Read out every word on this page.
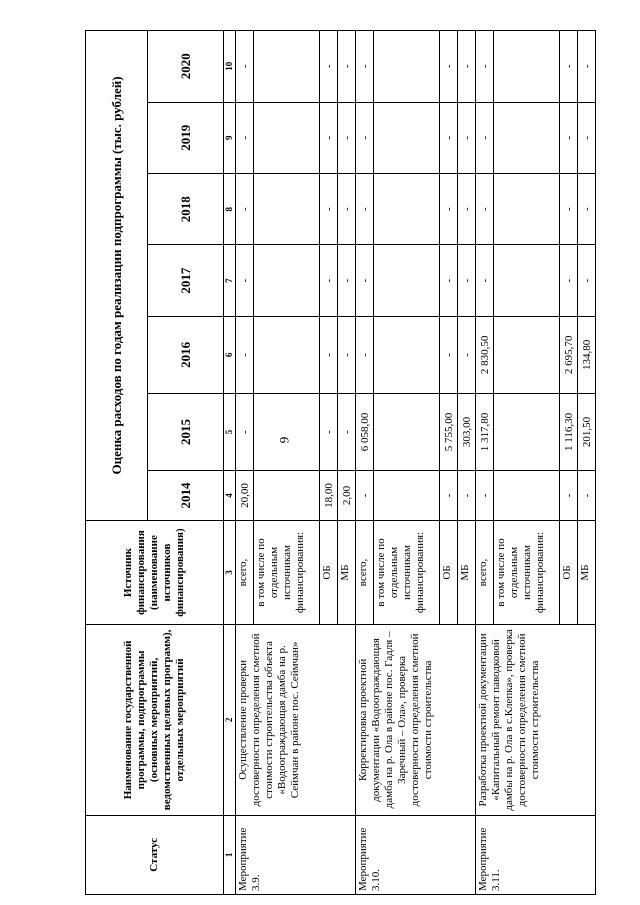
9
Статус	Наименование государственной программы, подпрограммы (основных мероприятий, ведомственных целевых программ), отдельных мероприятий	Источник финансирования (наименование источников финансирования)	Оценка расходов по годам реализации подпрограммы (тыс. рублей)						
			2014	2015	2016	2017	2018	2019	2020
1	2	3	4	5	6	7	8	9	10
Мероприятие 3.9.	Осуществление проверки достоверности определения сметной стоимости строительства объекта «Водоограждающая дамба на р. Сеймчан в районе пос. Сеймчан»	всего,	20,00	-	-	-	-	-	-
		в том числе по отдельным источникам финансирования:							
		ОБ	18,00	-	-	-	-	-	-
		МБ	2,00	-	-	-	-	-	-
Мероприятие 3.10.	Корректировка проектной документации «Водоограждающая дамба на р. Ола в районе пос. Гадля – Заречный – Ола», проверка достоверности определения сметной стоимости строительства	всего,	-	6 058,00	-	-	-	-	-
		в том числе по отдельным источникам финансирования:							
		ОБ	-	5 755,00	-	-	-	-	-
		МБ	-	303,00	-	-	-	-	-
Мероприятие 3.11.	Разработка проектной документации «Капитальный ремонт паводковой дамбы на р. Ола в с.Клепка», проверка достоверности определения сметной стоимости строительства	всего,	-	1 317,80	2 830,50	-	-	-	-
		в том числе по отдельным источникам финансирования:							
		ОБ	-	1 116,30	2 695,70	-	-	-	-
		МБ	-	201,50	134,80	-	-	-	-
